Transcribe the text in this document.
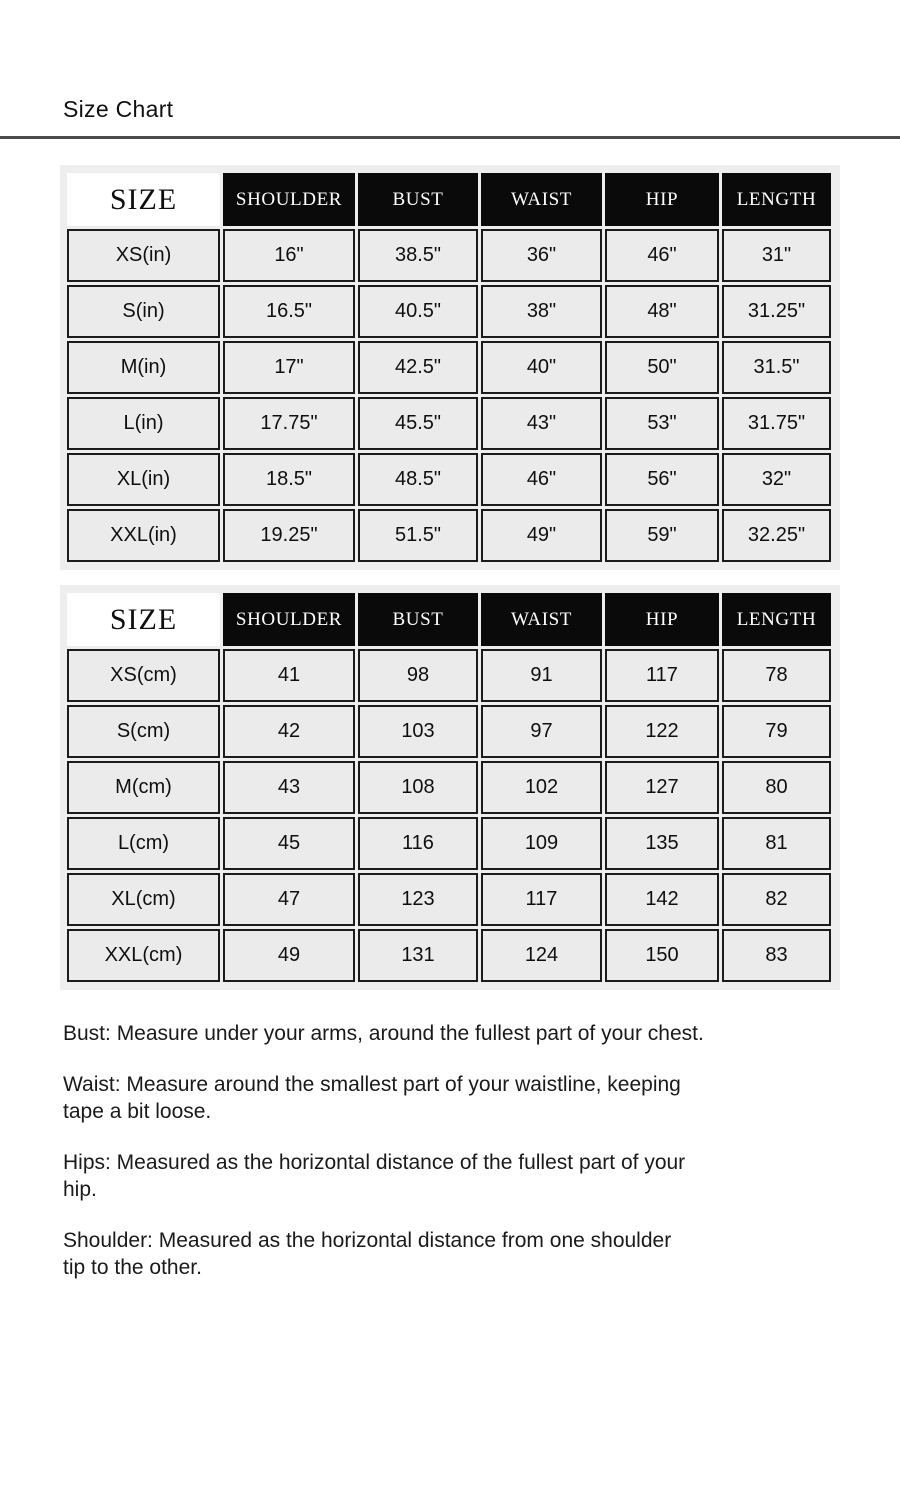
Size Chart
SIZE	SHOULDER	BUST	WAIST	HIP	LENGTH
XS(in)	16"	38.5"	36"	46"	31"
S(in)	16.5"	40.5"	38"	48"	31.25"
M(in)	17"	42.5"	40"	50"	31.5"
L(in)	17.75"	45.5"	43"	53"	31.75"
XL(in)	18.5"	48.5"	46"	56"	32"
XXL(in)	19.25"	51.5"	49"	59"	32.25"
SIZE	SHOULDER	BUST	WAIST	HIP	LENGTH
XS(cm)	41	98	91	117	78
S(cm)	42	103	97	122	79
M(cm)	43	108	102	127	80
L(cm)	45	116	109	135	81
XL(cm)	47	123	117	142	82
XXL(cm)	49	131	124	150	83

Bust: Measure under your arms, around the fullest part of your chest.

Waist: Measure around the smallest part of your waistline, keeping
tape a bit loose.

Hips: Measured as the horizontal distance of the fullest part of your
hip.

Shoulder: Measured as the horizontal distance from one shoulder
tip to the other.
